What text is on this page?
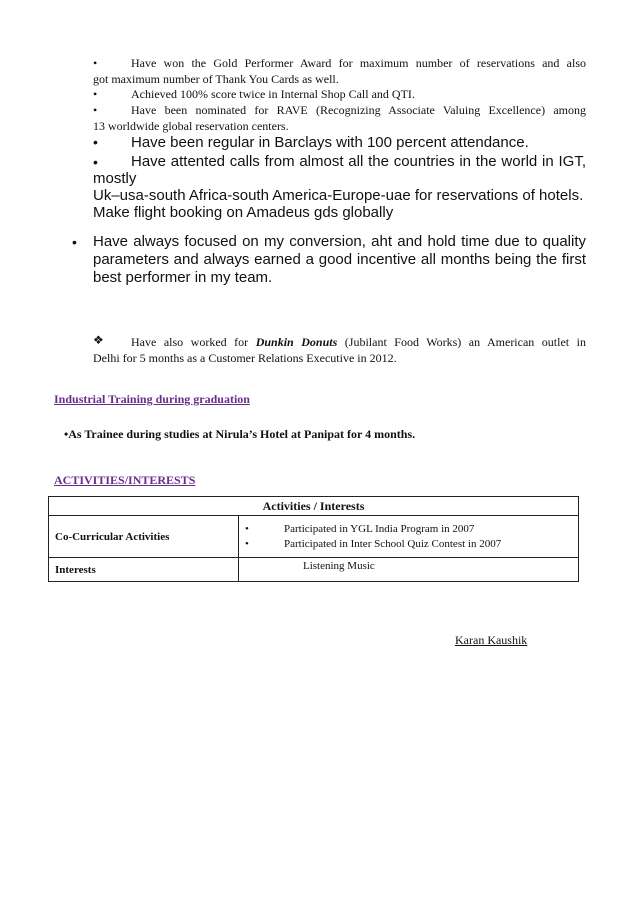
•	Have won the Gold Performer Award for maximum number of reservations and also
got maximum number of Thank You Cards as well.
•	Achieved 100% score twice in Internal Shop Call and QTI.
•	Have been nominated for RAVE (Recognizing Associate Valuing Excellence) among
13 worldwide global reservation centers.
• Have been regular in Barclays with 100 percent attendance.
• Have attented calls from almost all the countries in the world in IGT,
mostly
Uk–usa-south Africa-south America-Europe-uae for reservations of hotels.
Make flight booking on Amadeus gds globally
• Have always focused on my conversion, aht and hold time due to quality
parameters and always earned a good incentive all months being the first
best performer in my team.
❖ Have also worked for Dunkin Donuts (Jubilant Food Works) an American outlet in
Delhi for 5 months as a Customer Relations Executive in 2012.
Industrial Training during graduation
•As Trainee during studies at Nirula’s Hotel at Panipat for 4 months.
ACTIVITIES/INTERESTS
Activities / Interests	
Co-Curricular Activities	• Participated in YGL India Program in 2007
• Participated in Inter School Quiz Contest in 2007

Interests	Listening Music
Karan Kaushik
